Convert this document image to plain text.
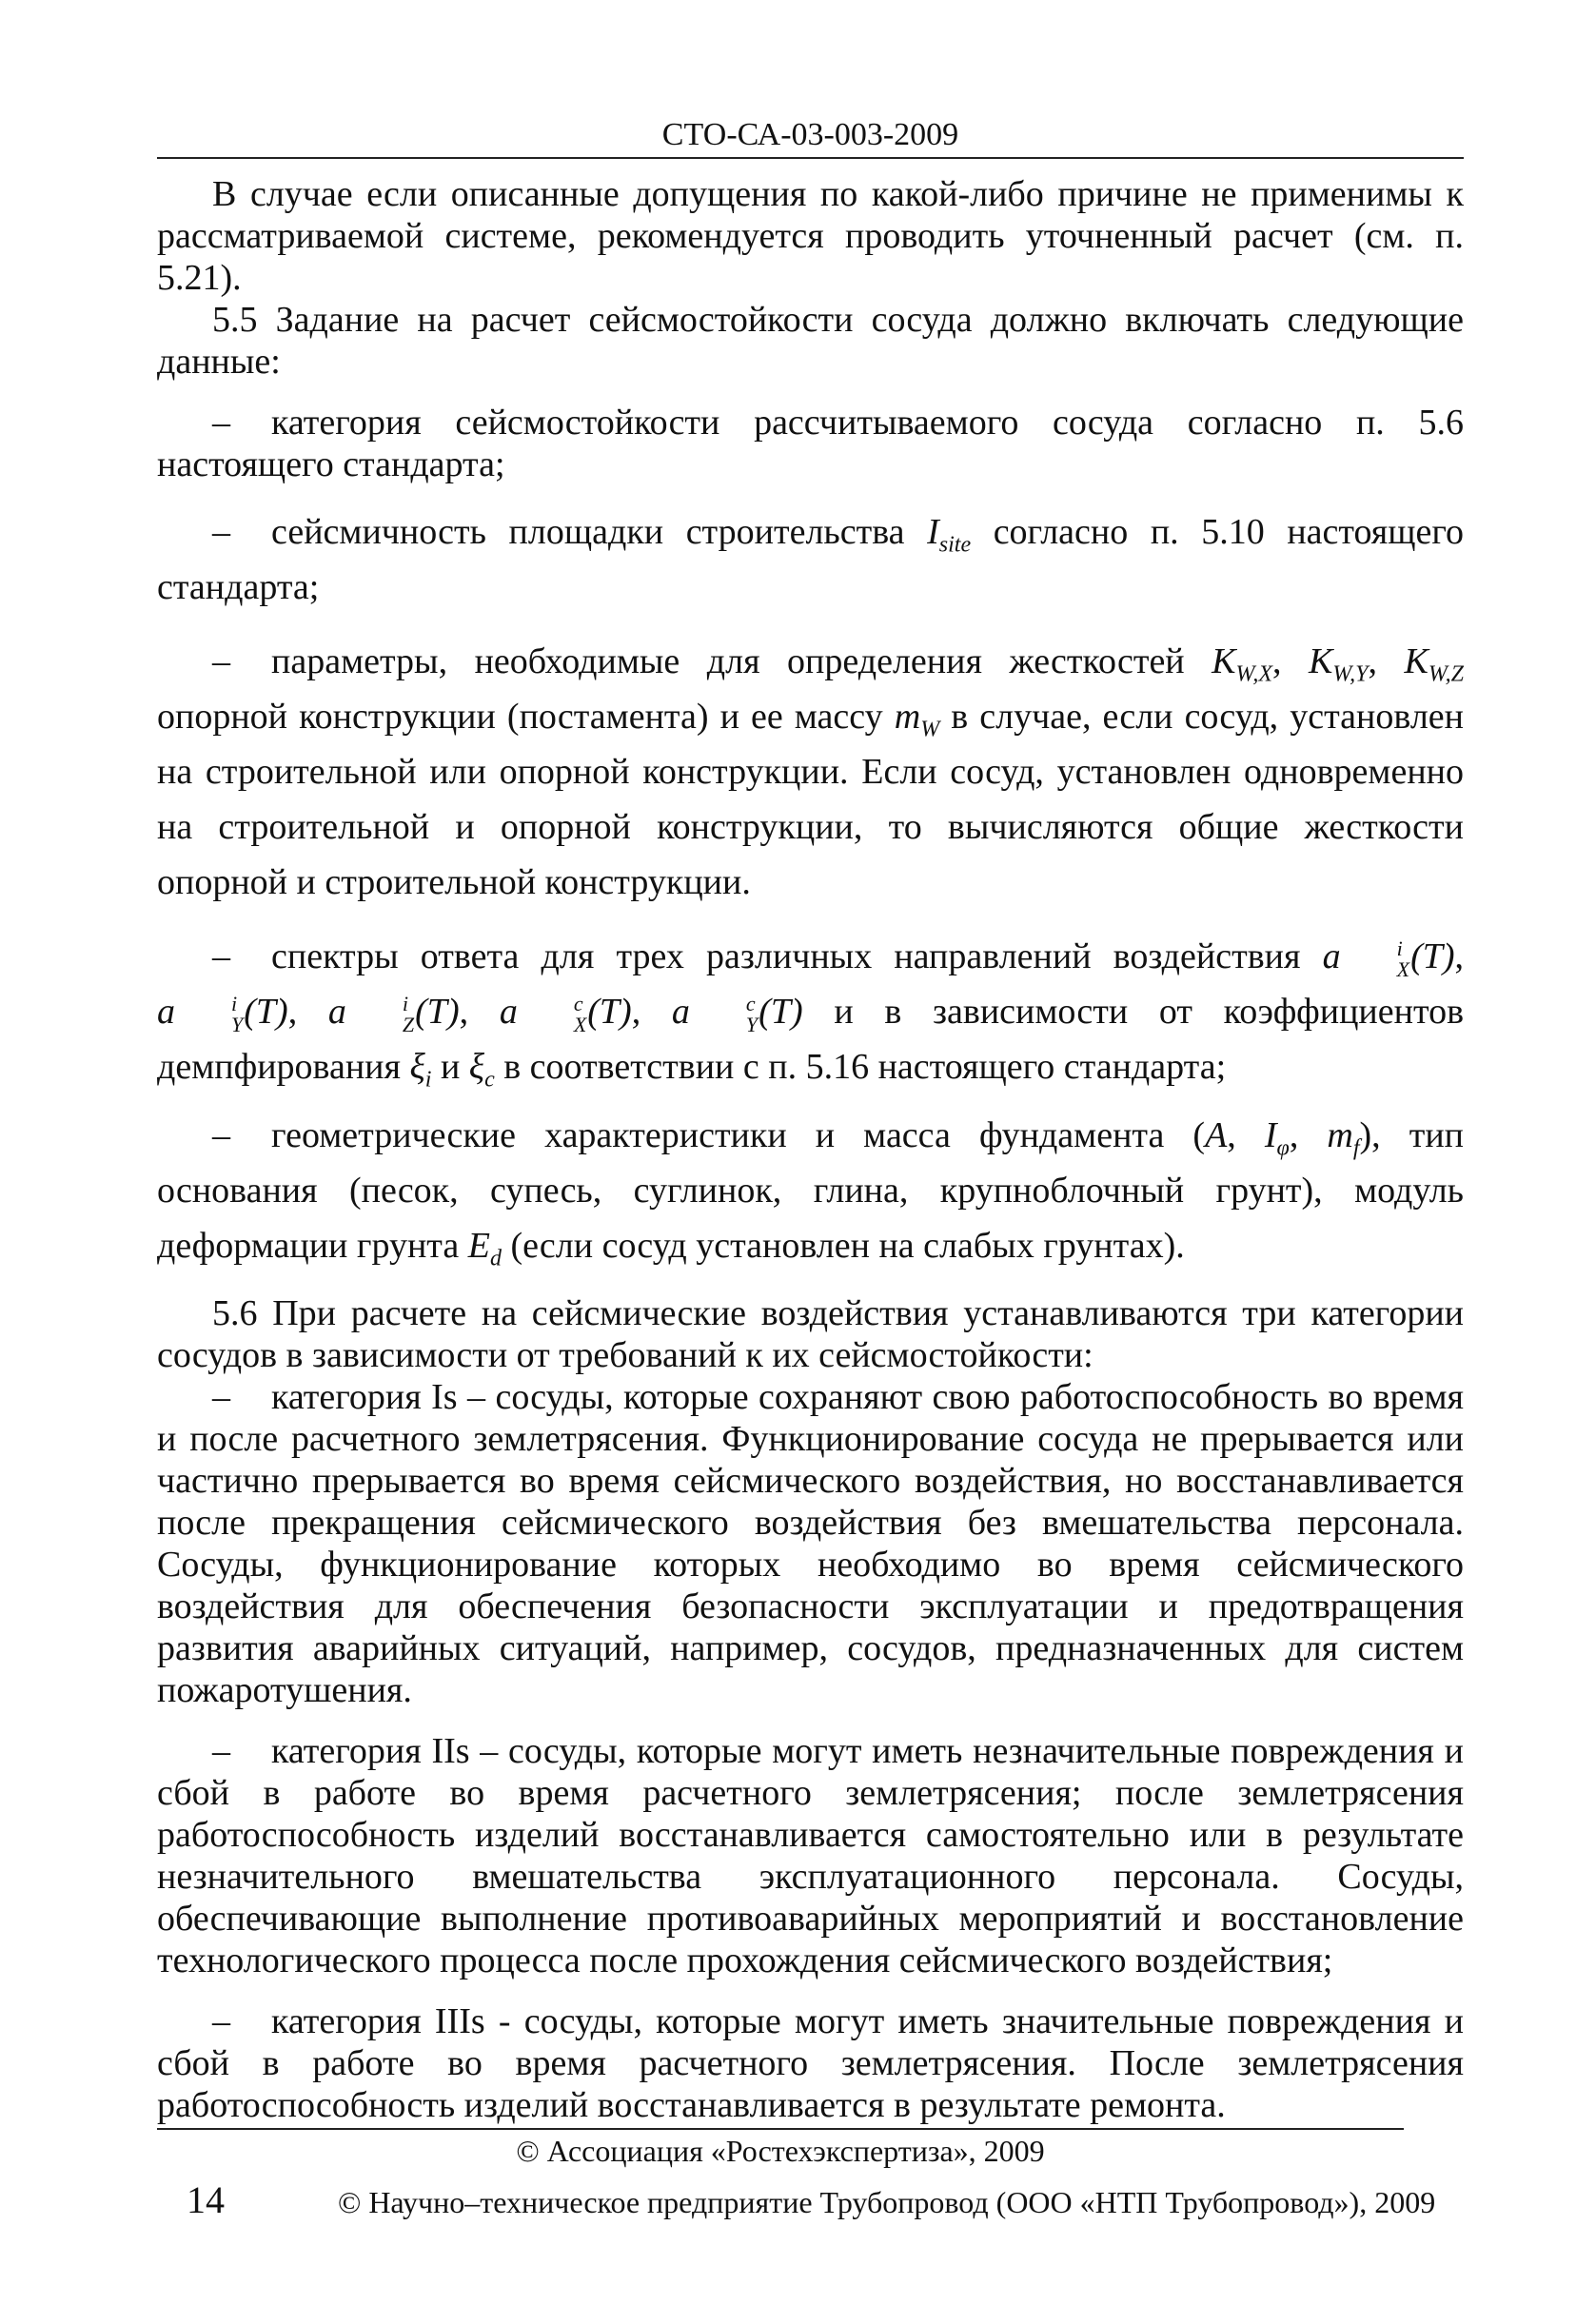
СТО-СА-03-003-2009

В случае если описанные допущения по какой-либо причине не применимы к рассматриваемой системе, рекомендуется проводить уточненный расчет (см. п. 5.21).

5.5 Задание на расчет сейсмостойкости сосуда должно включать следующие данные:

– категория сейсмостойкости рассчитываемого сосуда согласно п. 5.6 настоящего стандарта;

– сейсмичность площадки строительства $I_{site}$ согласно п. 5.10 настоящего стандарта;

– параметры, необходимые для определения жесткостей $K_{W,X}$, $K_{W,Y}$, $K_{W,Z}$ опорной конструкции (постамента) и ее массу $m_W$ в случае, если сосуд, установлен на строительной или опорной конструкции. Если сосуд, установлен одновременно на строительной и опорной конструкции, то вычисляются общие жесткости опорной и строительной конструкции.

– спектры ответа для трех различных направлений воздействия a	i
X (T), a	i
Y (T), a	i
Z (T), a	c
X (T), a	c
Y (T) и в зависимости от коэффициентов демпфирования $\xi_i$ и $\xi_c$ в соответствии с п. 5.16 настоящего стандарта;

– геометрические характеристики и масса фундамента (A, $I_\varphi$, $m_f$), тип основания (песок, супесь, суглинок, глина, крупноблочный грунт), модуль деформации грунта $E_d$ (если сосуд установлен на слабых грунтах).

5.6 При расчете на сейсмические воздействия устанавливаются три категории сосудов в зависимости от требований к их сейсмостойкости:

– категория Is – сосуды, которые сохраняют свою работоспособность во время и после расчетного землетрясения. Функционирование сосуда не прерывается или частично прерывается во время сейсмического воздействия, но восстанавливается после прекращения сейсмического воздействия без вмешательства персонала. Сосуды, функционирование которых необходимо во время сейсмического воздействия для обеспечения безопасности эксплуатации и предотвращения развития аварийных ситуаций, например, сосудов, предназначенных для систем пожаротушения.

– категория IIs – сосуды, которые могут иметь незначительные повреждения и сбой в работе во время расчетного землетрясения; после землетрясения работоспособность изделий восстанавливается самостоятельно или в результате незначительного вмешательства эксплуатационного персонала. Сосуды, обеспечивающие выполнение противоаварийных мероприятий и восстановление технологического процесса после прохождения сейсмического воздействия;

– категория IIIs - сосуды, которые могут иметь значительные повреждения и сбой в работе во время расчетного землетрясения. После землетрясения работоспособность изделий восстанавливается в результате ремонта.

© Ассоциация «Ростехэкспертиза», 2009
14	© Научно–техническое предприятие Трубопровод (ООО «НТП Трубопровод»), 2009
